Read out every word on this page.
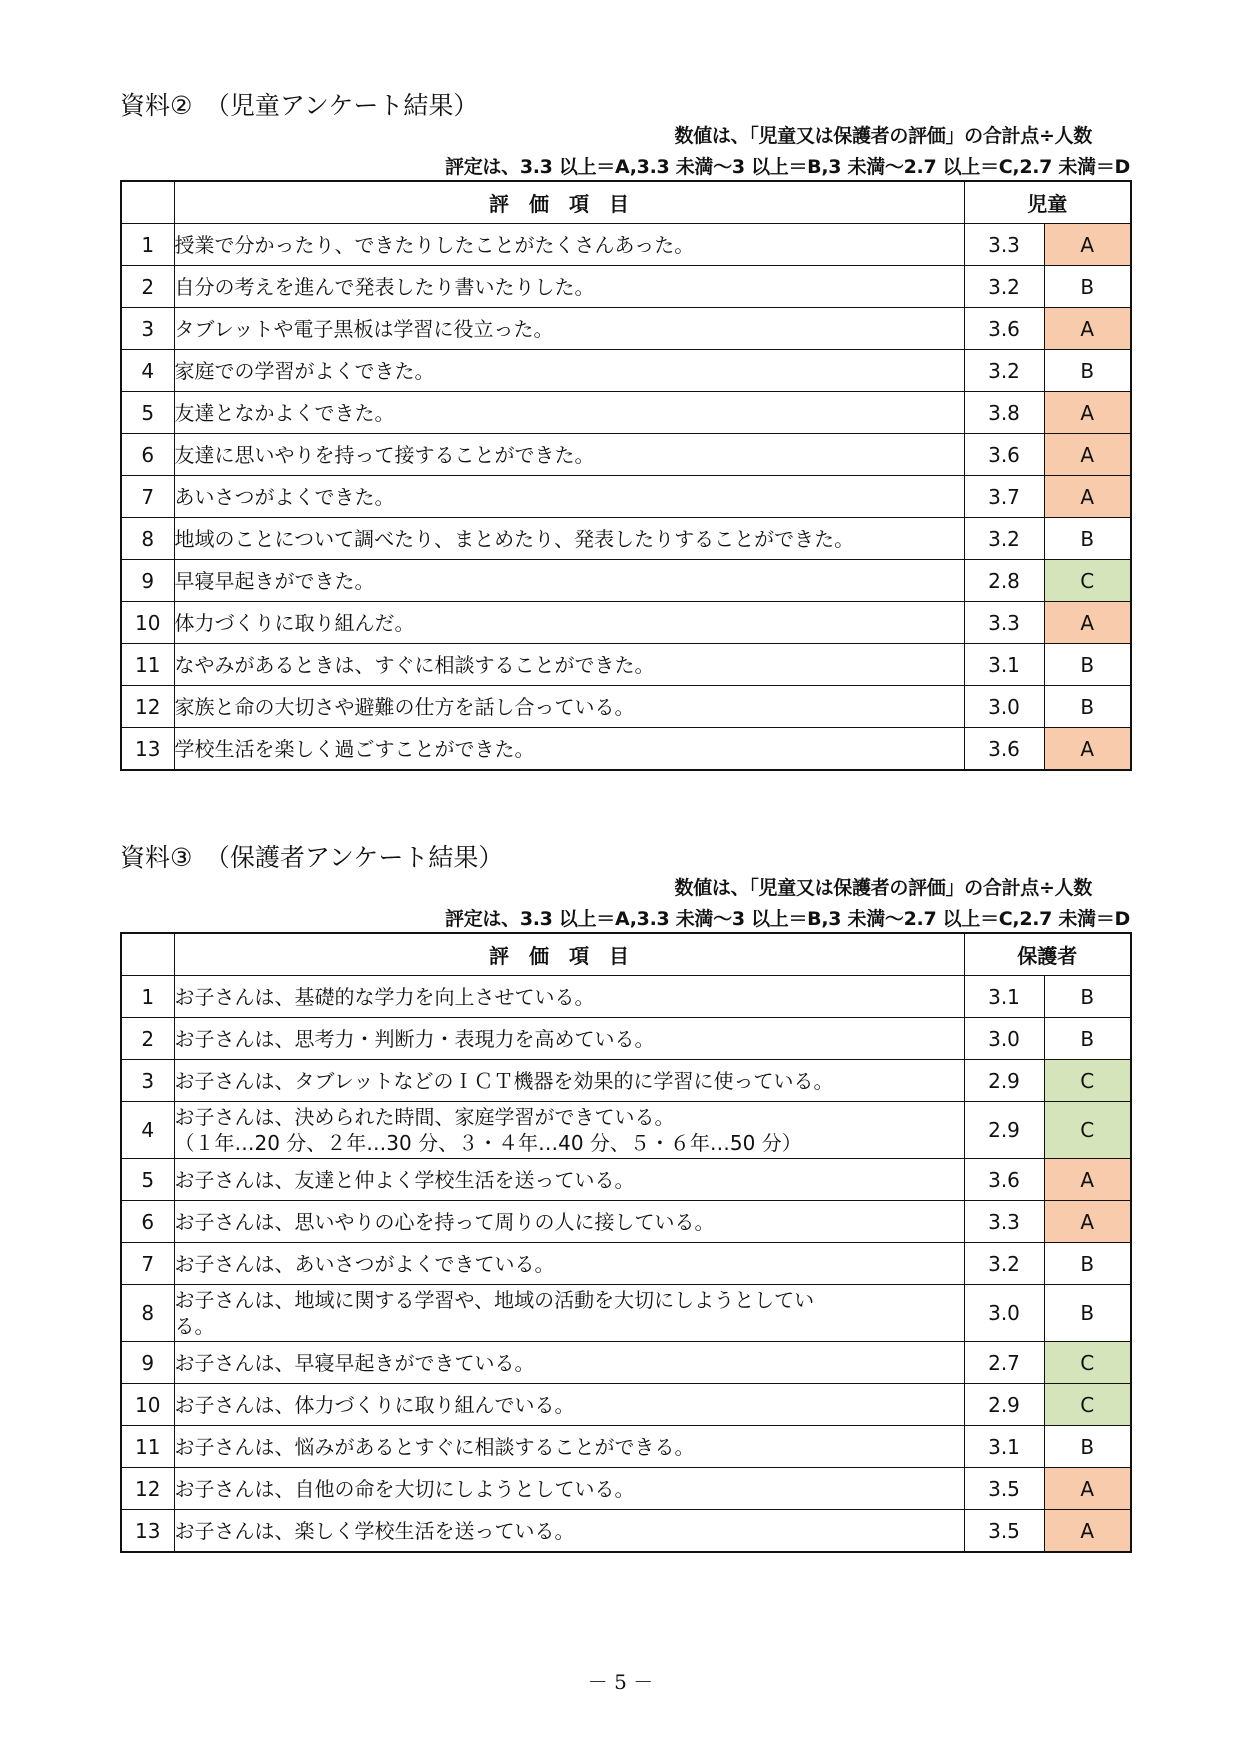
資料②　（児童アンケート結果）
数値は、「児童又は保護者の評価」の合計点÷人数
評定は、3.3 以上＝A,3.3 未満～3 以上＝B,3 未満～2.7 以上＝C,2.7 未満＝D
	評価項目	児童	
1	授業で分かったり、できたりしたことがたくさんあった。	3.3	A
2	自分の考えを進んで発表したり書いたりした。	3.2	B
3	タブレットや電子黒板は学習に役立った。	3.6	A
4	家庭での学習がよくできた。	3.2	B
5	友達となかよくできた。	3.8	A
6	友達に思いやりを持って接することができた。	3.6	A
7	あいさつがよくできた。	3.7	A
8	地域のことについて調べたり、まとめたり、発表したりすることができた。	3.2	B
9	早寝早起きができた。	2.8	C
10	体力づくりに取り組んだ。	3.3	A
11	なやみがあるときは、すぐに相談することができた。	3.1	B
12	家族と命の大切さや避難の仕方を話し合っている。	3.0	B
13	学校生活を楽しく過ごすことができた。	3.6	A
資料③　（保護者アンケート結果）
数値は、「児童又は保護者の評価」の合計点÷人数
評定は、3.3 以上＝A,3.3 未満～3 以上＝B,3 未満～2.7 以上＝C,2.7 未満＝D
	評価項目	保護者	
1	お子さんは、基礎的な学力を向上させている。	3.1	B
2	お子さんは、思考力・判断力・表現力を高めている。	3.0	B
3	お子さんは、タブレットなどのＩＣＴ機器を効果的に学習に使っている。	2.9	C
4	お子さんは、決められた時間、家庭学習ができている。
（１年…20 分、２年…30 分、３・４年…40 分、５・６年…50 分）	2.9	C
5	お子さんは、友達と仲よく学校生活を送っている。	3.6	A
6	お子さんは、思いやりの心を持って周りの人に接している。	3.3	A
7	お子さんは、あいさつがよくできている。	3.2	B
8	お子さんは、地域に関する学習や、地域の活動を大切にしようとしてい
る。	3.0	B
9	お子さんは、早寝早起きができている。	2.7	C
10	お子さんは、体力づくりに取り組んでいる。	2.9	C
11	お子さんは、悩みがあるとすぐに相談することができる。	3.1	B
12	お子さんは、自他の命を大切にしようとしている。	3.5	A
13	お子さんは、楽しく学校生活を送っている。	3.5	A
－ 5 －
